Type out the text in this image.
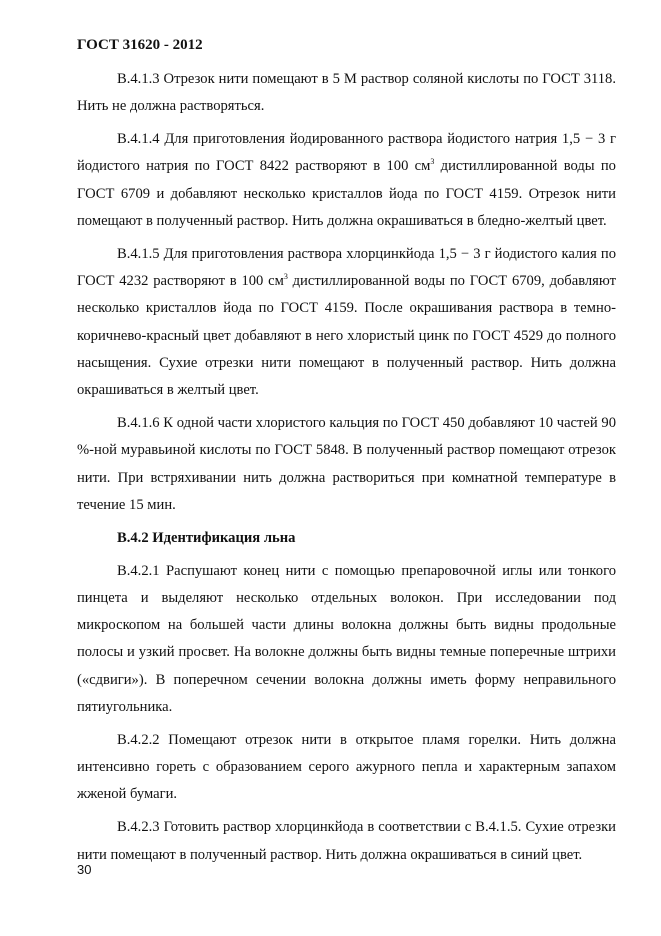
ГОСТ 31620 - 2012

В.4.1.3 Отрезок нити помещают в 5 М раствор соляной кислоты по ГОСТ 3118. Нить не должна растворяться.

В.4.1.4 Для приготовления йодированного раствора йодистого натрия 1,5 − 3 г йодистого натрия по ГОСТ 8422 растворяют в 100 $см^3$ дистиллированной воды по ГОСТ 6709 и добавляют несколько кристаллов йода по ГОСТ 4159. Отрезок нити помещают в полученный раствор. Нить должна окрашиваться в бледно-желтый цвет.

В.4.1.5 Для приготовления раствора хлорцинкйода 1,5 − 3 г йодистого калия по ГОСТ 4232 растворяют в 100 $см^3$ дистиллированной воды по ГОСТ 6709, добавляют несколько кристаллов йода по ГОСТ 4159. После окрашивания раствора в темно-коричнево-красный цвет добавляют в него хлористый цинк по ГОСТ 4529 до полного насыщения. Сухие отрезки нити помещают в полученный раствор. Нить должна окрашиваться в желтый цвет.

В.4.1.6 К одной части хлористого кальция по ГОСТ 450 добавляют 10 частей 90 %-ной муравьиной кислоты по ГОСТ 5848. В полученный раствор помещают отрезок нити. При встряхивании нить должна раствориться при комнатной температуре в течение 15 мин.

В.4.2 Идентификация льна

В.4.2.1 Распушают конец нити с помощью препаровочной иглы или тонкого пинцета и выделяют несколько отдельных волокон. При исследовании под микроскопом на большей части длины волокна должны быть видны продольные полосы и узкий просвет. На волокне должны быть видны темные поперечные штрихи («сдвиги»). В поперечном сечении волокна должны иметь форму неправильного пятиугольника.

В.4.2.2 Помещают отрезок нити в открытое пламя горелки. Нить должна интенсивно гореть с образованием серого ажурного пепла и характерным запахом жженой бумаги.

В.4.2.3 Готовить раствор хлорцинкйода в соответствии с В.4.1.5. Сухие отрезки нити помещают в полученный раствор. Нить должна окрашиваться в синий цвет.

30
